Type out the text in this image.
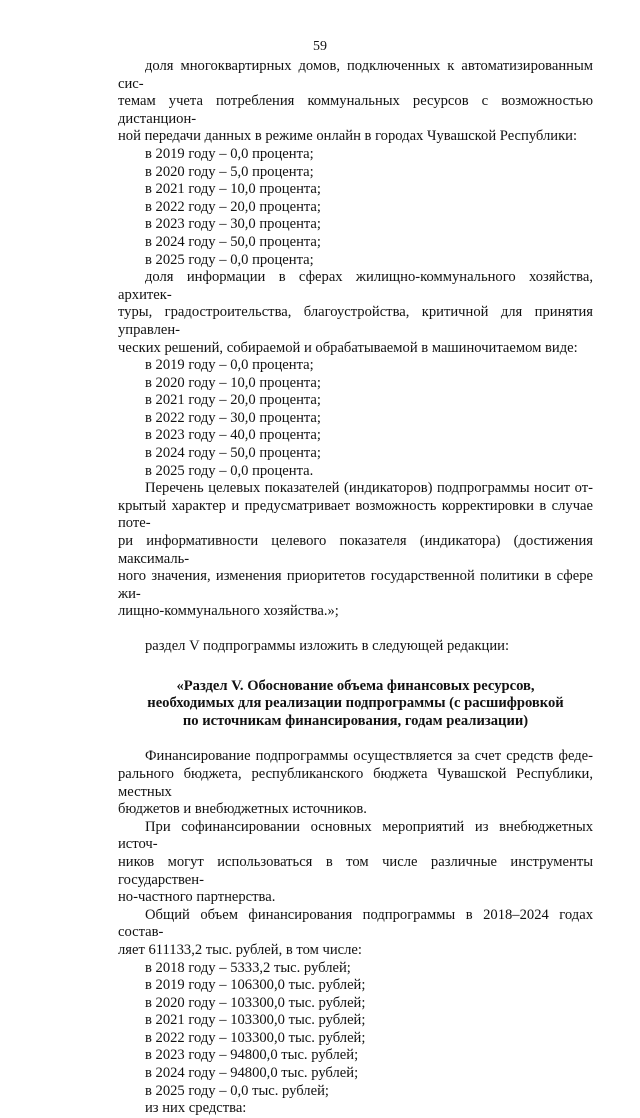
59

доля многоквартирных домов, подключенных к автоматизированным сис-
темам учета потребления коммунальных ресурсов с возможностью дистанцион-
ной передачи данных в режиме онлайн в городах Чувашской Республики:

в 2019 году – 0,0 процента;
в 2020 году – 5,0 процента;
в 2021 году – 10,0 процента;
в 2022 году – 20,0 процента;
в 2023 году – 30,0 процента;
в 2024 году – 50,0 процента;
в 2025 году – 0,0 процента;

доля информации в сферах жилищно-коммунального хозяйства, архитек-
туры, градостроительства, благоустройства, критичной для принятия управлен-
ческих решений, собираемой и обрабатываемой в машиночитаемом виде:

в 2019 году – 0,0 процента;
в 2020 году – 10,0 процента;
в 2021 году – 20,0 процента;
в 2022 году – 30,0 процента;
в 2023 году – 40,0 процента;
в 2024 году – 50,0 процента;
в 2025 году – 0,0 процента.

Перечень целевых показателей (индикаторов) подпрограммы носит от-
крытый характер и предусматривает возможность корректировки в случае поте-
ри информативности целевого показателя (индикатора) (достижения максималь-
ного значения, изменения приоритетов государственной политики в сфере жи-
лищно-коммунального хозяйства.»;

раздел V подпрограммы изложить в следующей редакции:

«Раздел V. Обоснование объема финансовых ресурсов,
необходимых для реализации подпрограммы (с расшифровкой
по источникам финансирования, годам реализации)

Финансирование подпрограммы осуществляется за счет средств феде-
рального бюджета, республиканского бюджета Чувашской Республики, местных
бюджетов и внебюджетных источников.

При софинансировании основных мероприятий из внебюджетных источ-
ников могут использоваться в том числе различные инструменты государствен-
но-частного партнерства.

Общий объем финансирования подпрограммы в 2018–2024 годах состав-
ляет 611133,2 тыс. рублей, в том числе:

в 2018 году – 5333,2 тыс. рублей;
в 2019 году – 106300,0 тыс. рублей;
в 2020 году – 103300,0 тыс. рублей;
в 2021 году – 103300,0 тыс. рублей;
в 2022 году – 103300,0 тыс. рублей;
в 2023 году – 94800,0 тыс. рублей;
в 2024 году – 94800,0 тыс. рублей;
в 2025 году – 0,0 тыс. рублей;

из них средства:
